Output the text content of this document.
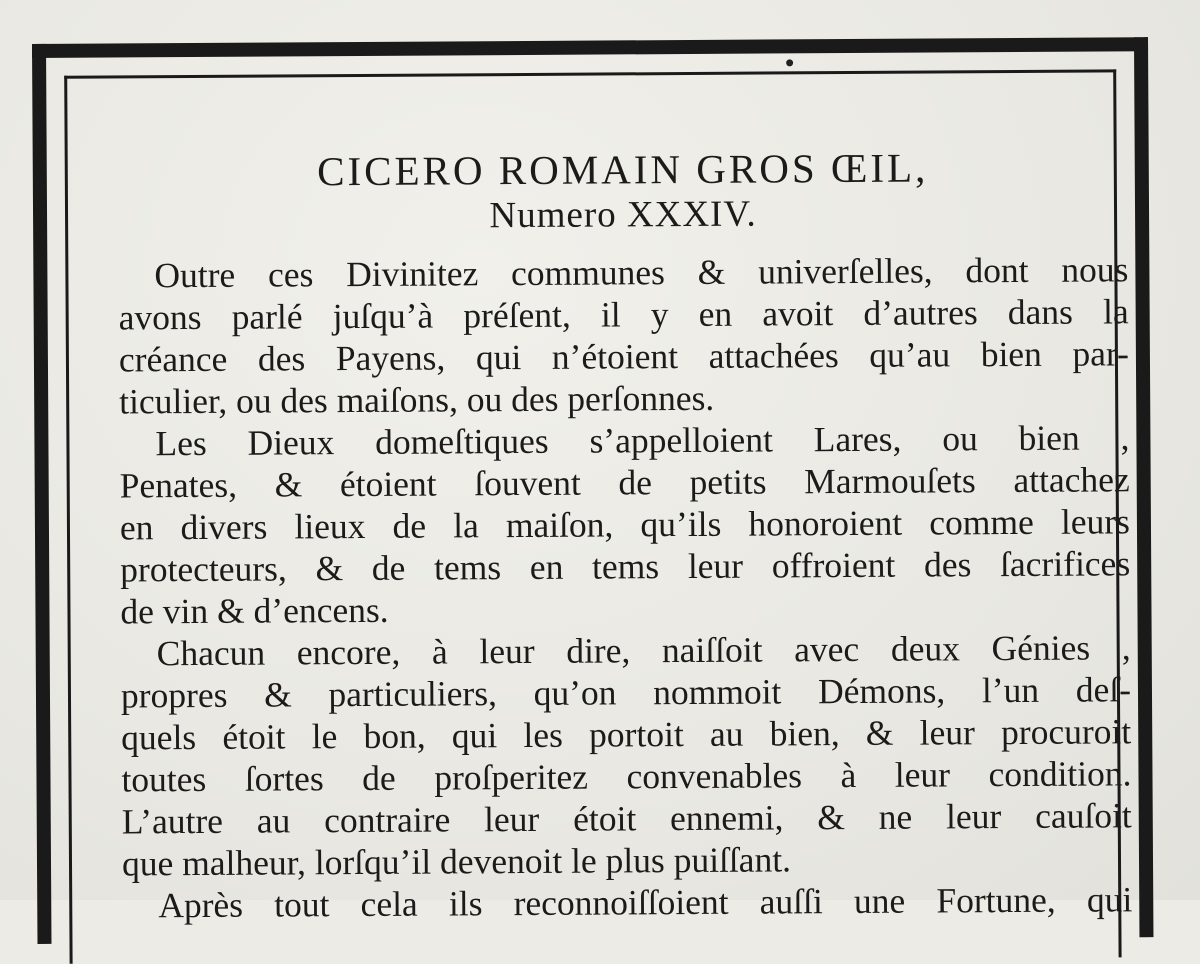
CICERO ROMAIN GROS ŒIL,
Numero XXXIV.
Outre ces Divinitez communes & univerſelles, dont nous
avons parlé juſqu’à préſent, il y en avoit d’autres dans la
créance des Payens, qui n’étoient attachées qu’au bien par-
ticulier, ou des maiſons, ou des perſonnes.
Les Dieux domeſtiques s’appelloient Lares, ou bien ,
Penates, & étoient ſouvent de petits Marmouſets attachez
en divers lieux de la maiſon, qu’ils honoroient comme leurs
protecteurs, & de tems en tems leur offroient des ſacrifices
de vin & d’encens.
Chacun encore, à leur dire, naiſſoit avec deux Génies ,
propres & particuliers, qu’on nommoit Démons, l’un deſ-
quels étoit le bon, qui les portoit au bien, & leur procuroit
toutes ſortes de proſperitez convenables à leur condition.
L’autre au contraire leur étoit ennemi, & ne leur cauſoit
que malheur, lorſqu’il devenoit le plus puiſſant.
Après tout cela ils reconnoiſſoient auſſi une Fortune, qui
